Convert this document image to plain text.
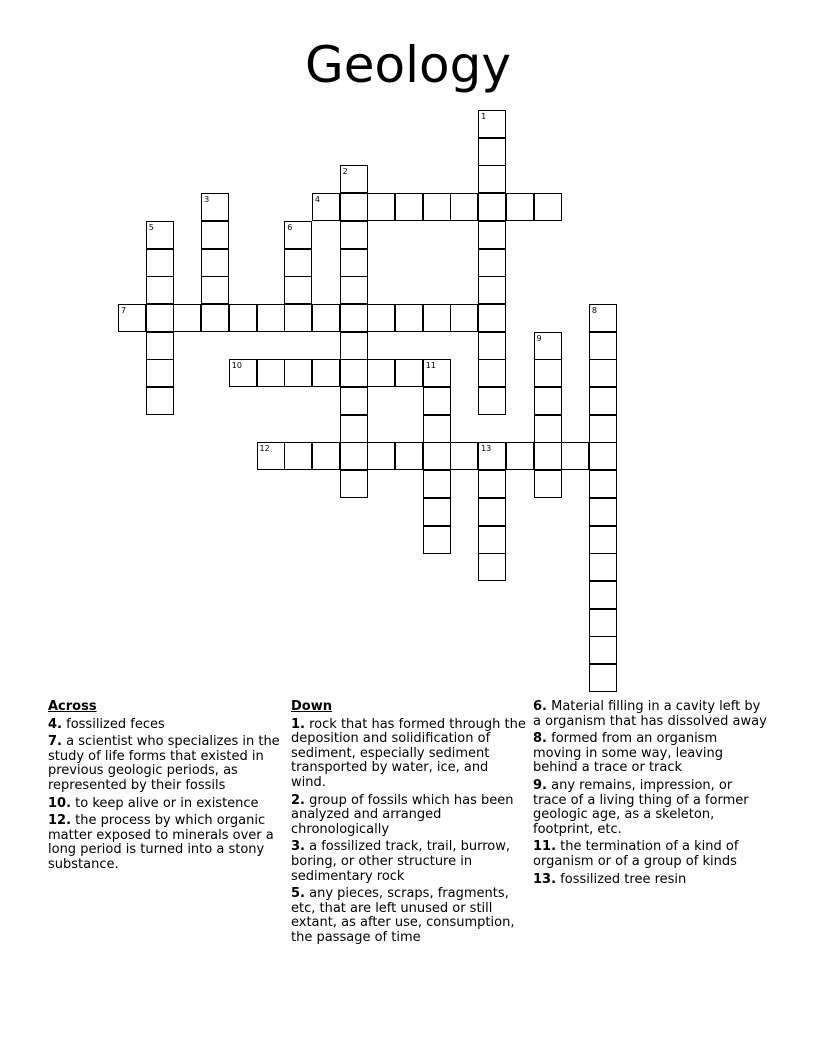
Geology
1
2
3	4
5	6
7	8
9
10	11
12	13
Across
4. fossilized feces
7. a scientist who specializes in the study of life forms that existed in previous geologic periods, as represented by their fossils
10. to keep alive or in existence
12. the process by which organic matter exposed to minerals over a long period is turned into a stony substance.
Down
1. rock that has formed through the deposition and solidification of sediment, especially sediment transported by water, ice, and wind.
2. group of fossils which has been analyzed and arranged chronologically
3. a fossilized track, trail, burrow, boring, or other structure in sedimentary rock
5. any pieces, scraps, fragments, etc, that are left unused or still extant, as after use, consumption, the passage of time
6. Material filling in a cavity left by a organism that has dissolved away
8. formed from an organism moving in some way, leaving behind a trace or track
9. any remains, impression, or trace of a living thing of a former geologic age, as a skeleton, footprint, etc.
11. the termination of a kind of organism or of a group of kinds
13. fossilized tree resin
